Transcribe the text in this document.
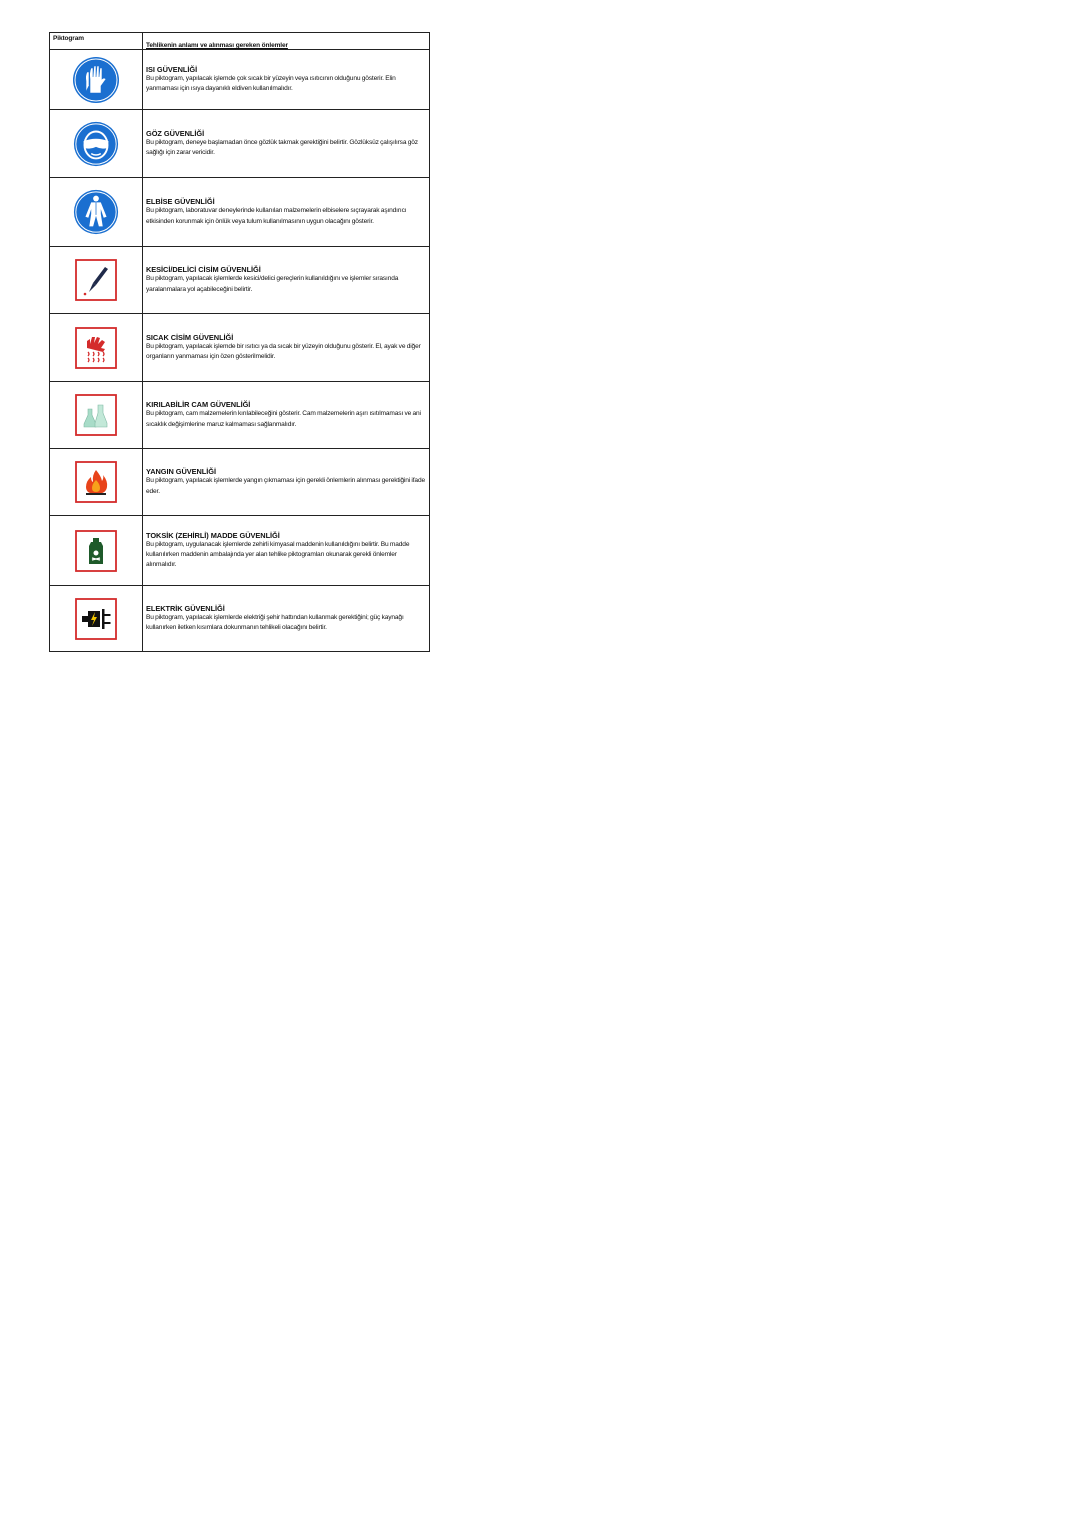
Piktogram	Tehlikenin anlamı ve alınması gereken önlemler

ISI GÜVENLİĞİ

Bu piktogram, yapılacak işlemde çok sıcak bir yüzeyin veya ısıtıcının olduğunu gösterir. Elin yanmaması için ısıya dayanıklı eldiven kullanılmalıdır.

GÖZ GÜVENLİĞİ

Bu piktogram, deneye başlamadan önce gözlük takmak gerektiğini belirtir. Gözlüksüz çalışılırsa göz sağlığı için zarar vericidir.

ELBİSE GÜVENLİĞİ

Bu piktogram, laboratuvar deneylerinde kullanılan malzemelerin elbiselere sıçrayarak aşındırıcı etkisinden korunmak için önlük veya tulum kullanılmasının uygun olacağını gösterir.

KESİCİ/DELİCİ CİSİM GÜVENLİĞİ

Bu piktogram, yapılacak işlemlerde kesici/delici gereçlerin kullanıldığını ve işlemler sırasında yaralanmalara yol açabileceğini belirtir.

SICAK CİSİM GÜVENLİĞİ

Bu piktogram, yapılacak işlemde bir ısıtıcı ya da sıcak bir yüzeyin olduğunu gösterir. El, ayak ve diğer organların yanmaması için özen gösterilmelidir.

KIRILABİLİR CAM GÜVENLİĞİ

Bu piktogram, cam malzemelerin kırılabileceğini gösterir. Cam malzemelerin aşırı ısıtılmaması ve ani sıcaklık değişimlerine maruz kalmaması sağlanmalıdır.

YANGIN GÜVENLİĞİ

Bu piktogram, yapılacak işlemlerde yangın çıkmaması için gerekli önlemlerin alınması gerektiğini ifade eder.

TOKSİK (ZEHİRLİ) MADDE GÜVENLİĞİ

Bu piktogram, uygulanacak işlemlerde zehirli kimyasal maddenin kullanıldığını belirtir. Bu madde kullanılırken maddenin ambalajında yer alan tehlike piktogramları okunarak gerekli önlemler alınmalıdır.

ELEKTRİK GÜVENLİĞİ

Bu piktogram, yapılacak işlemlerde elektriği şehir hattından kullanmak gerektiğini; güç kaynağı kullanırken iletken kısımlara dokunmanın tehlikeli olacağını belirtir.
